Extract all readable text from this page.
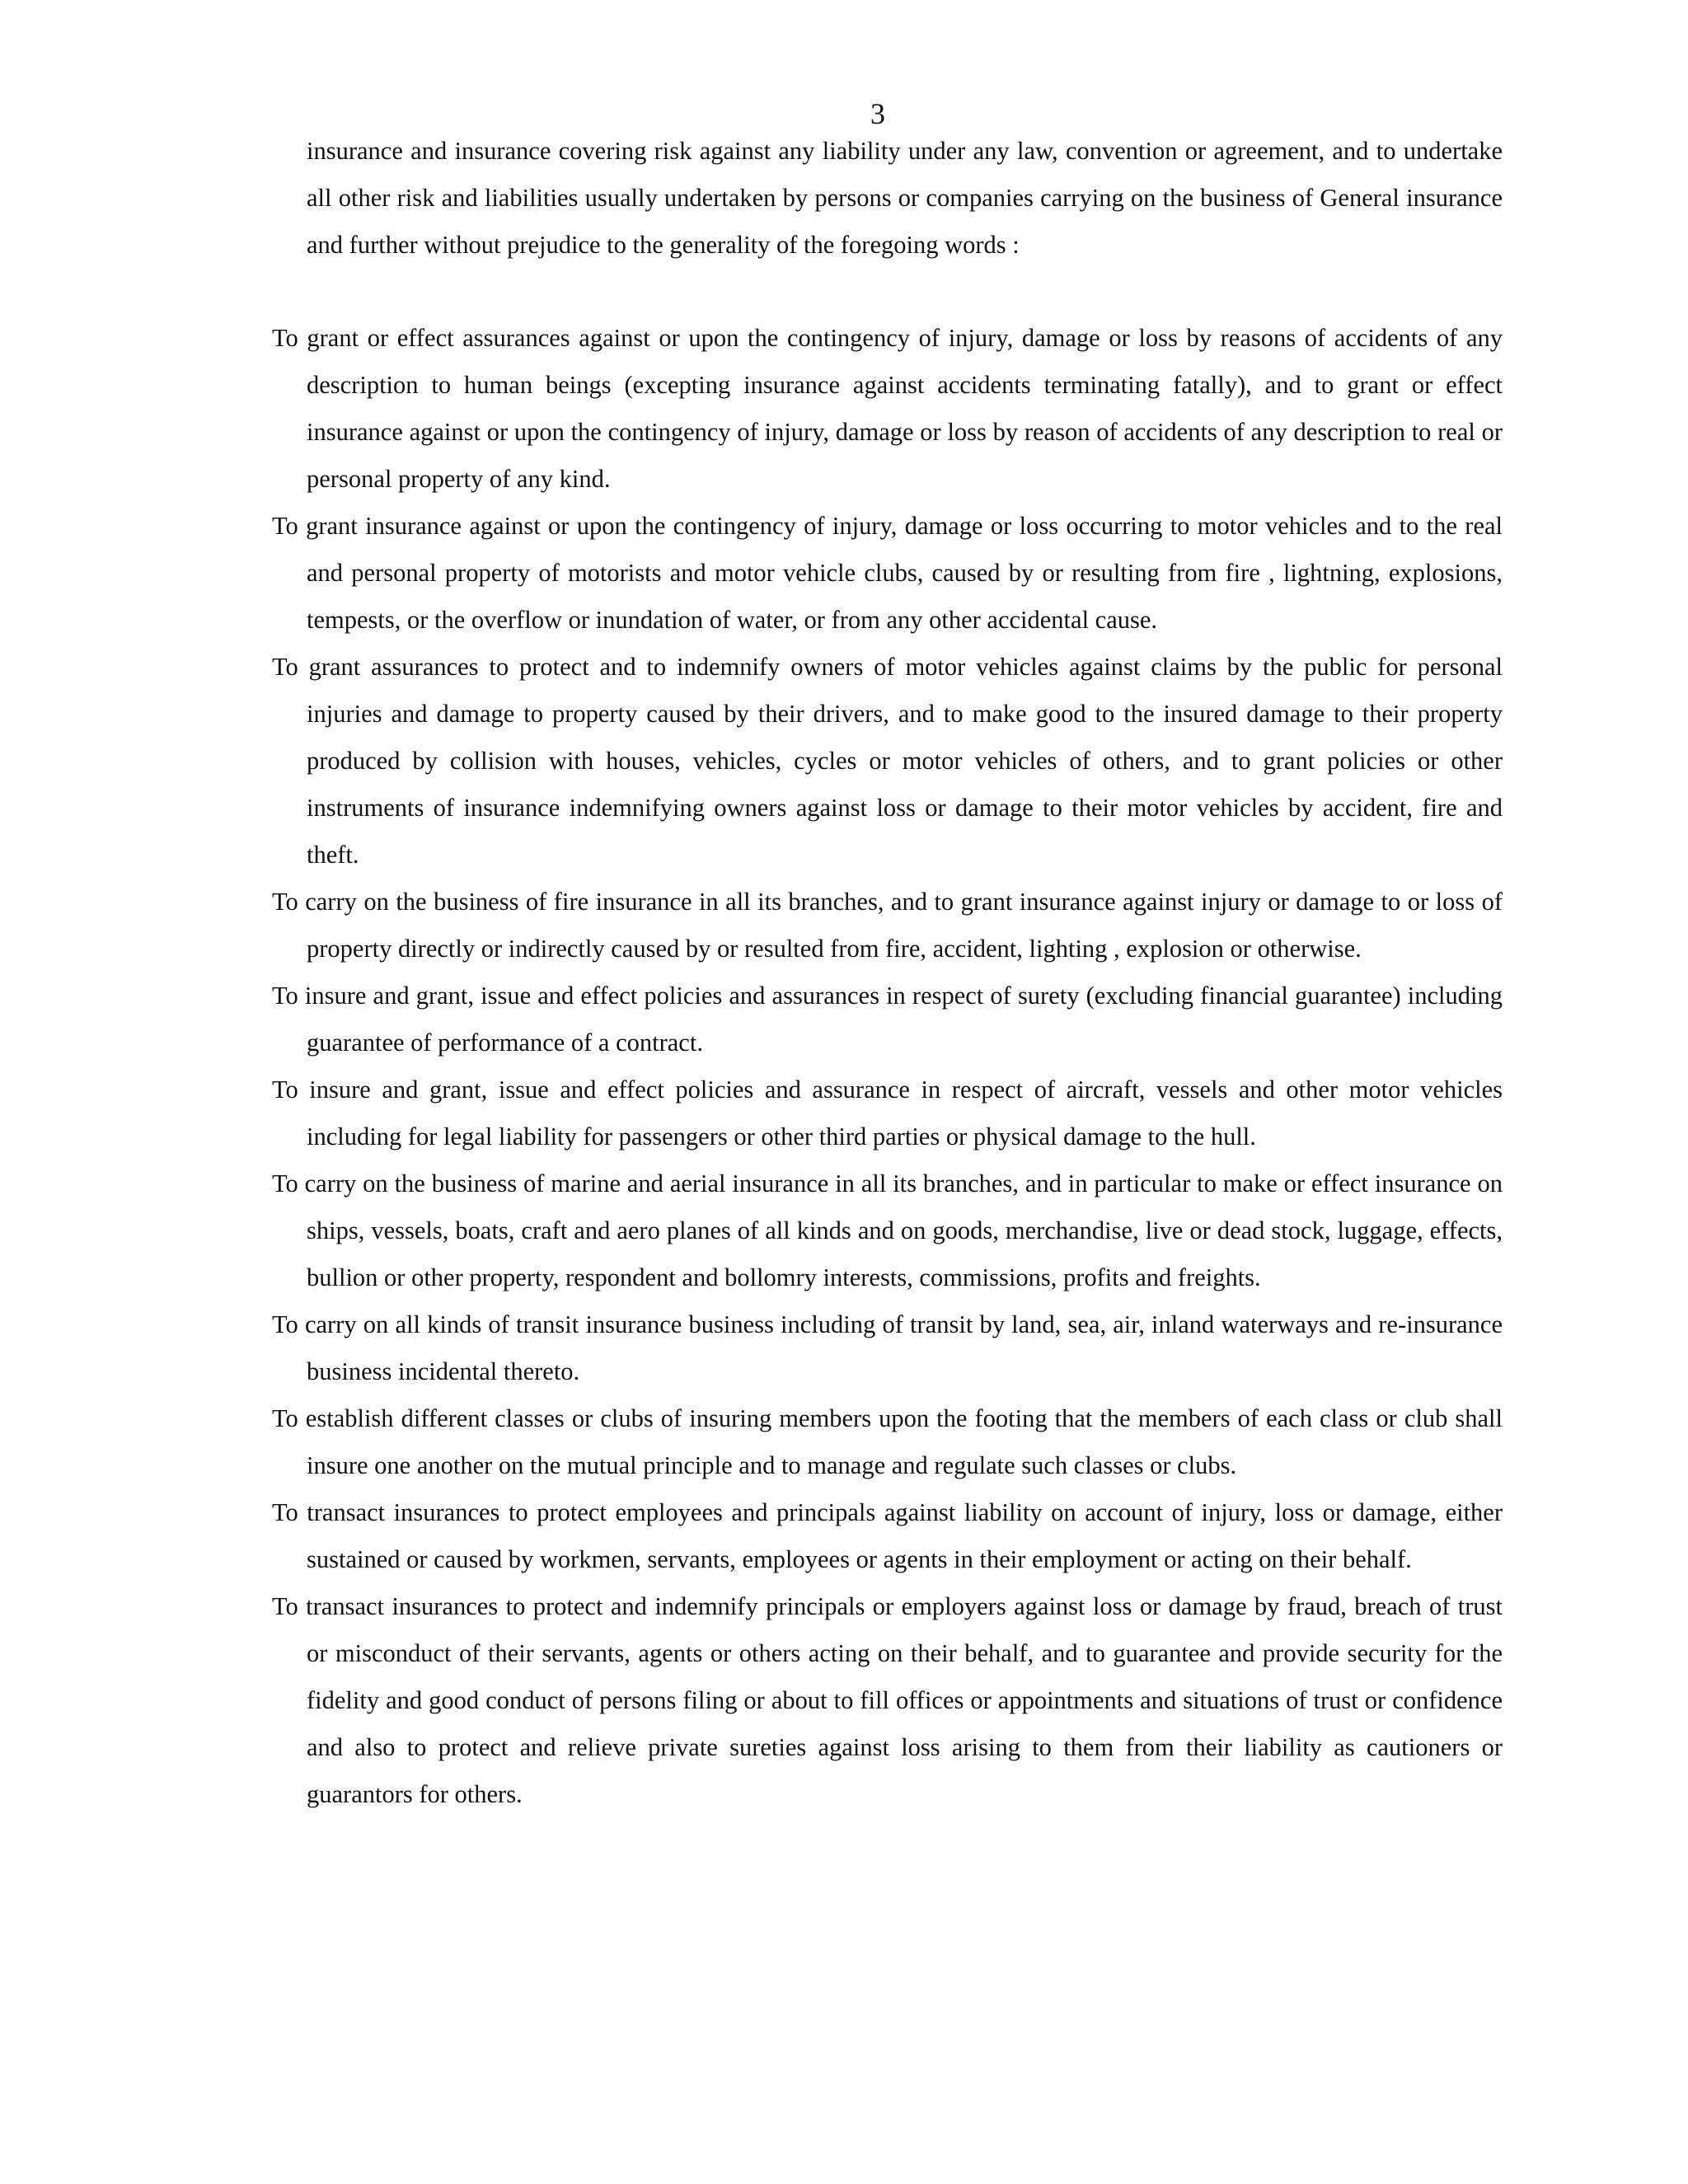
3

insurance and insurance covering risk against any liability under any law, convention or agreement, and to undertake all other risk and liabilities usually undertaken by persons or companies carrying on the business of General insurance and further without prejudice to the generality of the foregoing words :

To grant or effect assurances against or upon the contingency of injury, damage or loss by reasons of accidents of any description to human beings (excepting insurance against accidents terminating fatally), and to grant or effect insurance against or upon the contingency of injury, damage or loss by reason of accidents of any description to real or personal property of any kind.

To grant insurance against or upon the contingency of injury, damage or loss occurring to motor vehicles and to the real and personal property of motorists and motor vehicle clubs, caused by or resulting from fire , lightning, explosions, tempests, or the overflow or inundation of water, or from any other accidental cause.

To grant assurances to protect and to indemnify owners of motor vehicles against claims by the public for personal injuries and damage to property caused by their drivers, and to make good to the insured damage to their property produced by collision with houses, vehicles, cycles or motor vehicles of others, and to grant policies or other instruments of insurance indemnifying owners against loss or damage to their motor vehicles by accident, fire and theft.

To carry on the business of fire insurance in all its branches, and to grant insurance against injury or damage to or loss of property directly or indirectly caused by or resulted from fire, accident, lighting , explosion or otherwise.

To insure and grant, issue and effect policies and assurances in respect of surety (excluding financial guarantee) including guarantee of performance of a contract.

To insure and grant, issue and effect policies and assurance in respect of aircraft, vessels and other motor vehicles including for legal liability for passengers or other third parties or physical damage to the hull.

To carry on the business of marine and aerial insurance in all its branches, and in particular to make or effect insurance on ships, vessels, boats, craft and aero planes of all kinds and on goods, merchandise, live or dead stock, luggage, effects, bullion or other property, respondent and bollomry interests, commissions, profits and freights.

To carry on all kinds of transit insurance business including of transit by land, sea, air, inland waterways and re-insurance business incidental thereto.

To establish different classes or clubs of insuring members upon the footing that the members of each class or club shall insure one another on the mutual principle and to manage and regulate such classes or clubs.

To transact insurances to protect employees and principals against liability on account of injury, loss or damage, either sustained or caused by workmen, servants, employees or agents in their employment or acting on their behalf.

To transact insurances to protect and indemnify principals or employers against loss or damage by fraud, breach of trust or misconduct of their servants, agents or others acting on their behalf, and to guarantee and provide security for the fidelity and good conduct of persons filing or about to fill offices or appointments and situations of trust or confidence and also to protect and relieve private sureties against loss arising to them from their liability as cautioners or guarantors for others.
